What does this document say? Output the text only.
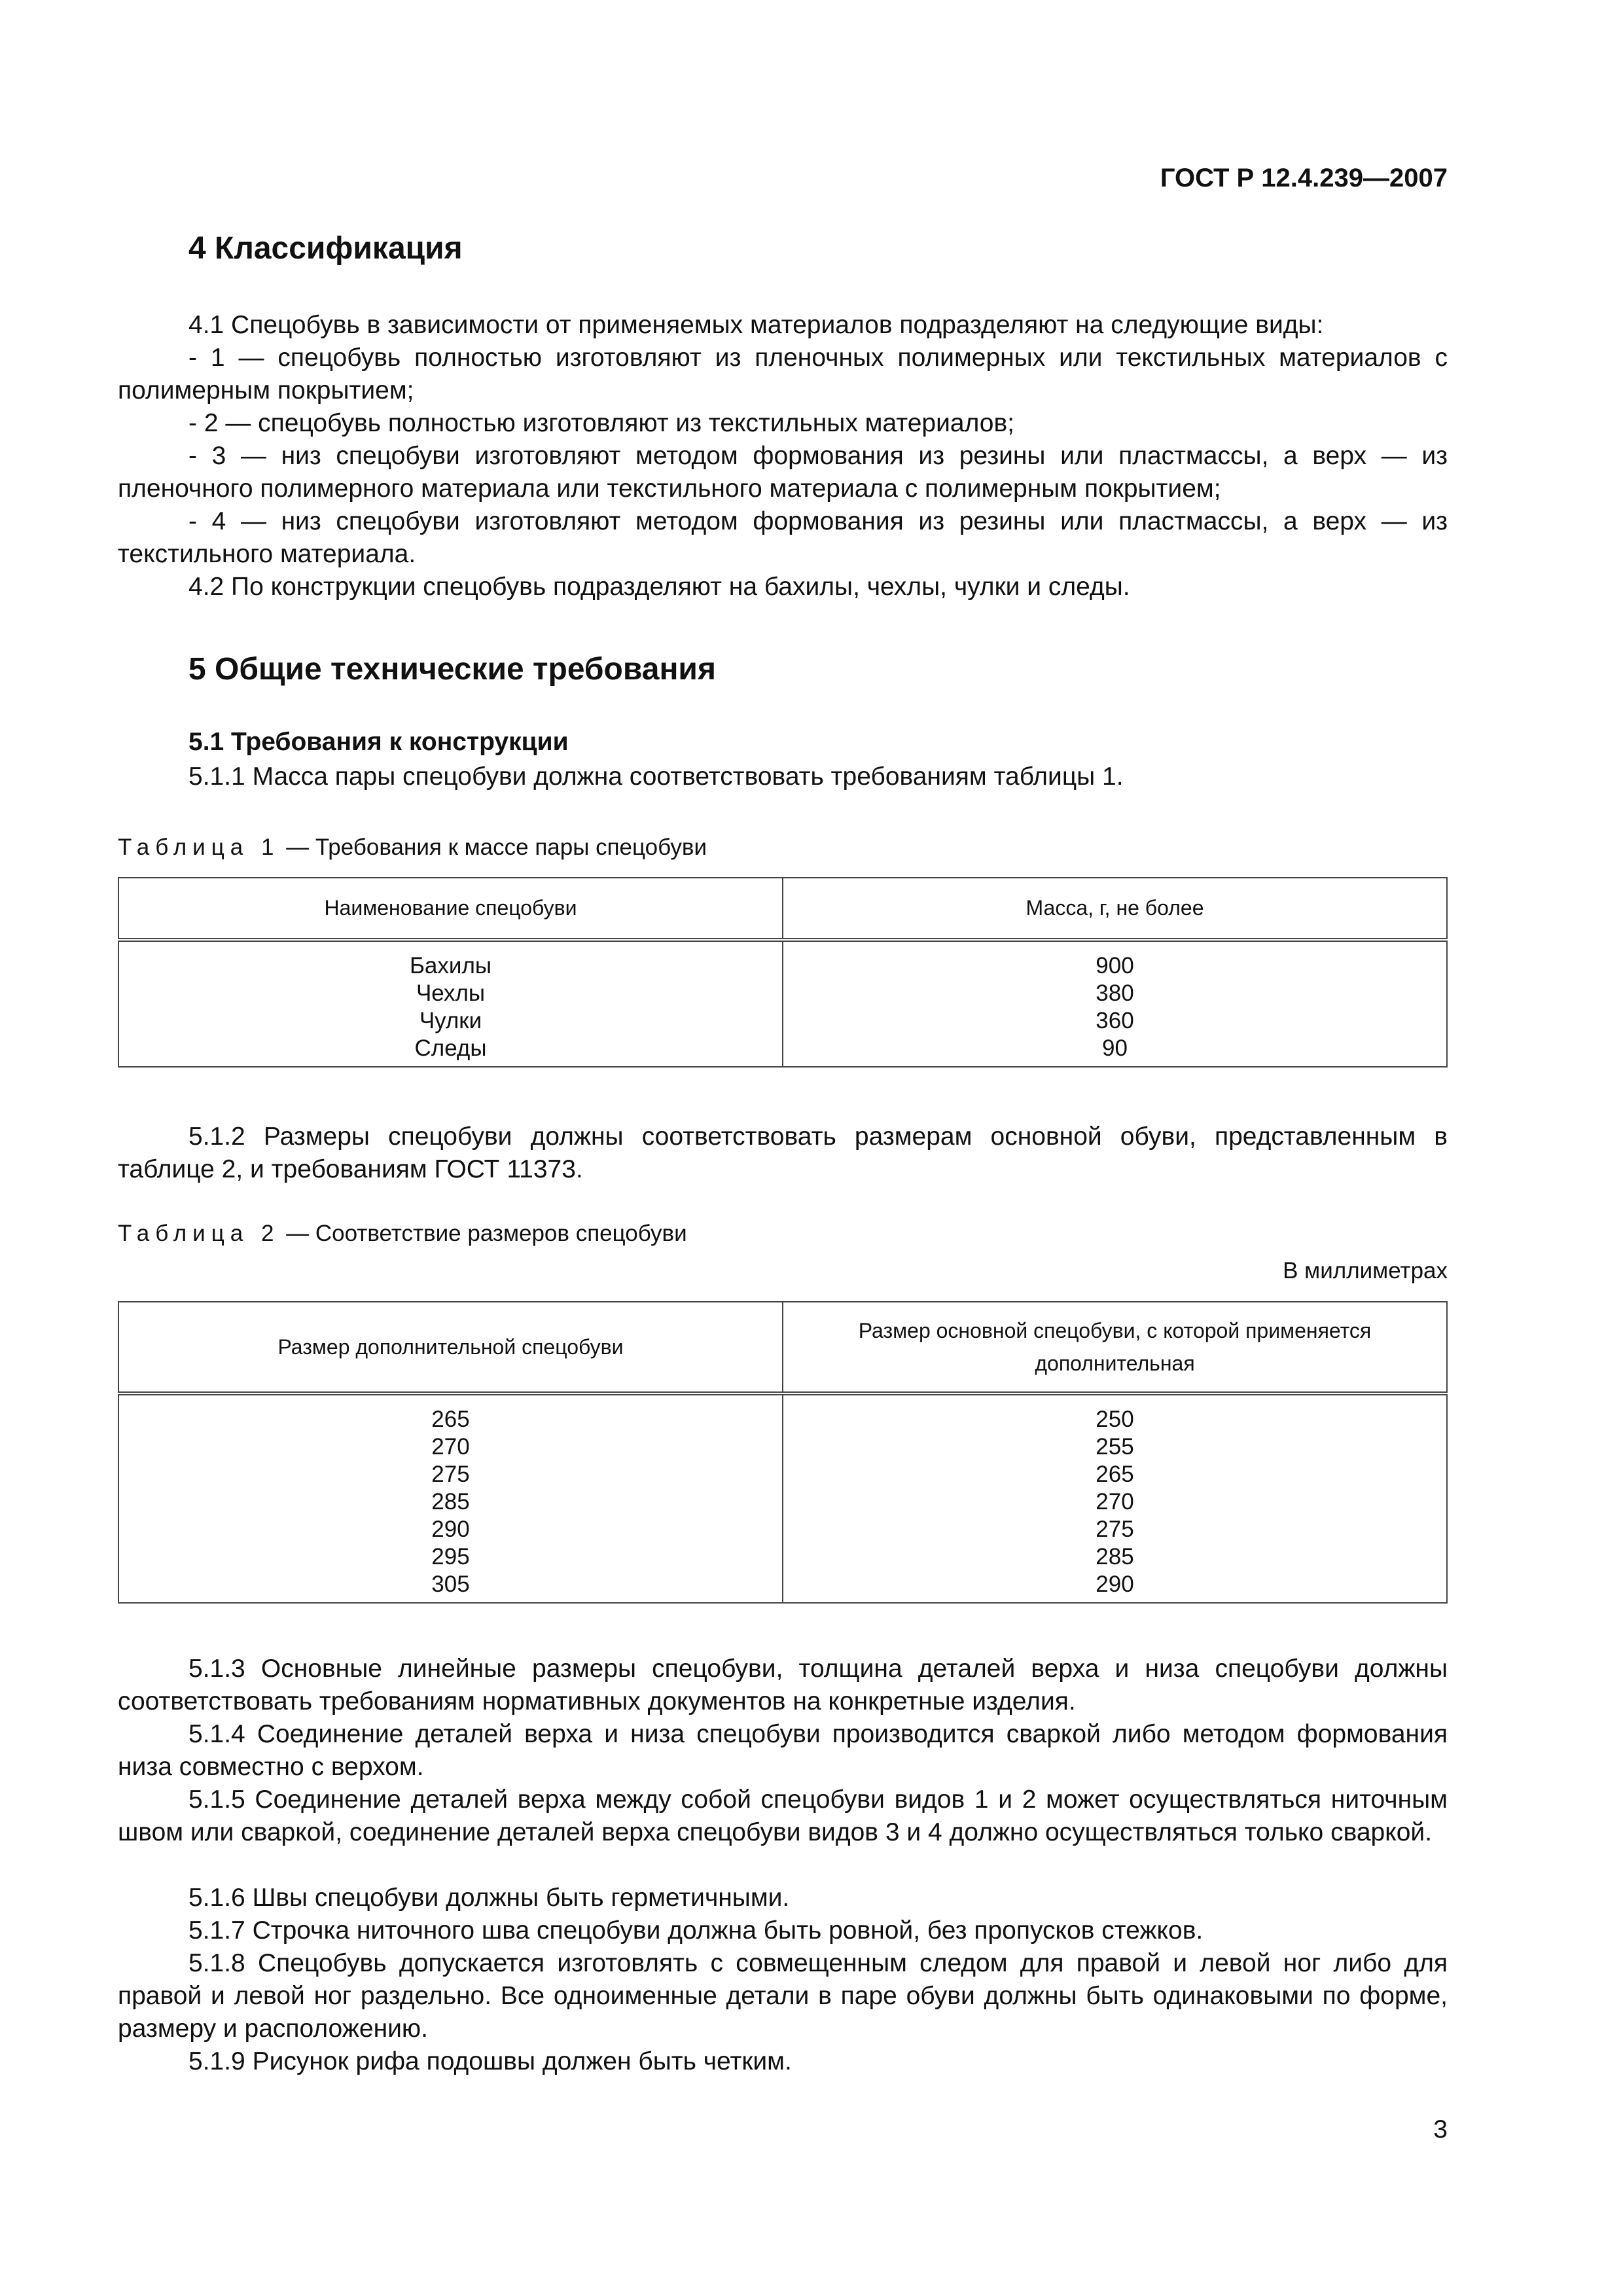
ГОСТ Р 12.4.239—2007
4 Классификация

4.1 Спецобувь в зависимости от применяемых материалов подразделяют на следующие виды:

- 1 — спецобувь полностью изготовляют из пленочных полимерных или текстильных материалов с полимерным покрытием;

- 2 — спецобувь полностью изготовляют из текстильных материалов;

- 3 — низ спецобуви изготовляют методом формования из резины или пластмассы, а верх — из пленочного полимерного материала или текстильного материала с полимерным покрытием;

- 4 — низ спецобуви изготовляют методом формования из резины или пластмассы, а верх — из текстильного материала.

4.2 По конструкции спецобувь подразделяют на бахилы, чехлы, чулки и следы.

5 Общие технические требования
5.1 Требования к конструкции

5.1.1 Масса пары спецобуви должна соответствовать требованиям таблицы 1.

Таблица 1 — Требования к массе пары спецобуви
Наименование спецобуви	Масса, г, не более
Бахилы	900
Чехлы	380
Чулки	360
Следы	90

5.1.2 Размеры спецобуви должны соответствовать размерам основной обуви, представленным в таблице 2, и требованиям ГОСТ 11373.

Таблица 2 — Соответствие размеров спецобуви
В миллиметрах
Размер дополнительной спецобуви	Размер основной спецобуви, с которой применяется дополнительная
265	250
270	255
275	265
285	270
290	275
295	285
305	290

5.1.3 Основные линейные размеры спецобуви, толщина деталей верха и низа спецобуви должны соответствовать требованиям нормативных документов на конкретные изделия.

5.1.4 Соединение деталей верха и низа спецобуви производится сваркой либо методом формования низа совместно с верхом.

5.1.5 Соединение деталей верха между собой спецобуви видов 1 и 2 может осуществляться ниточным швом или сваркой, соединение деталей верха спецобуви видов 3 и 4 должно осуществляться только сваркой.

5.1.6 Швы спецобуви должны быть герметичными.

5.1.7 Строчка ниточного шва спецобуви должна быть ровной, без пропусков стежков.

5.1.8 Спецобувь допускается изготовлять с совмещенным следом для правой и левой ног либо для правой и левой ног раздельно. Все одноименные детали в паре обуви должны быть одинаковыми по форме, размеру и расположению.

5.1.9 Рисунок рифа подошвы должен быть четким.

3
